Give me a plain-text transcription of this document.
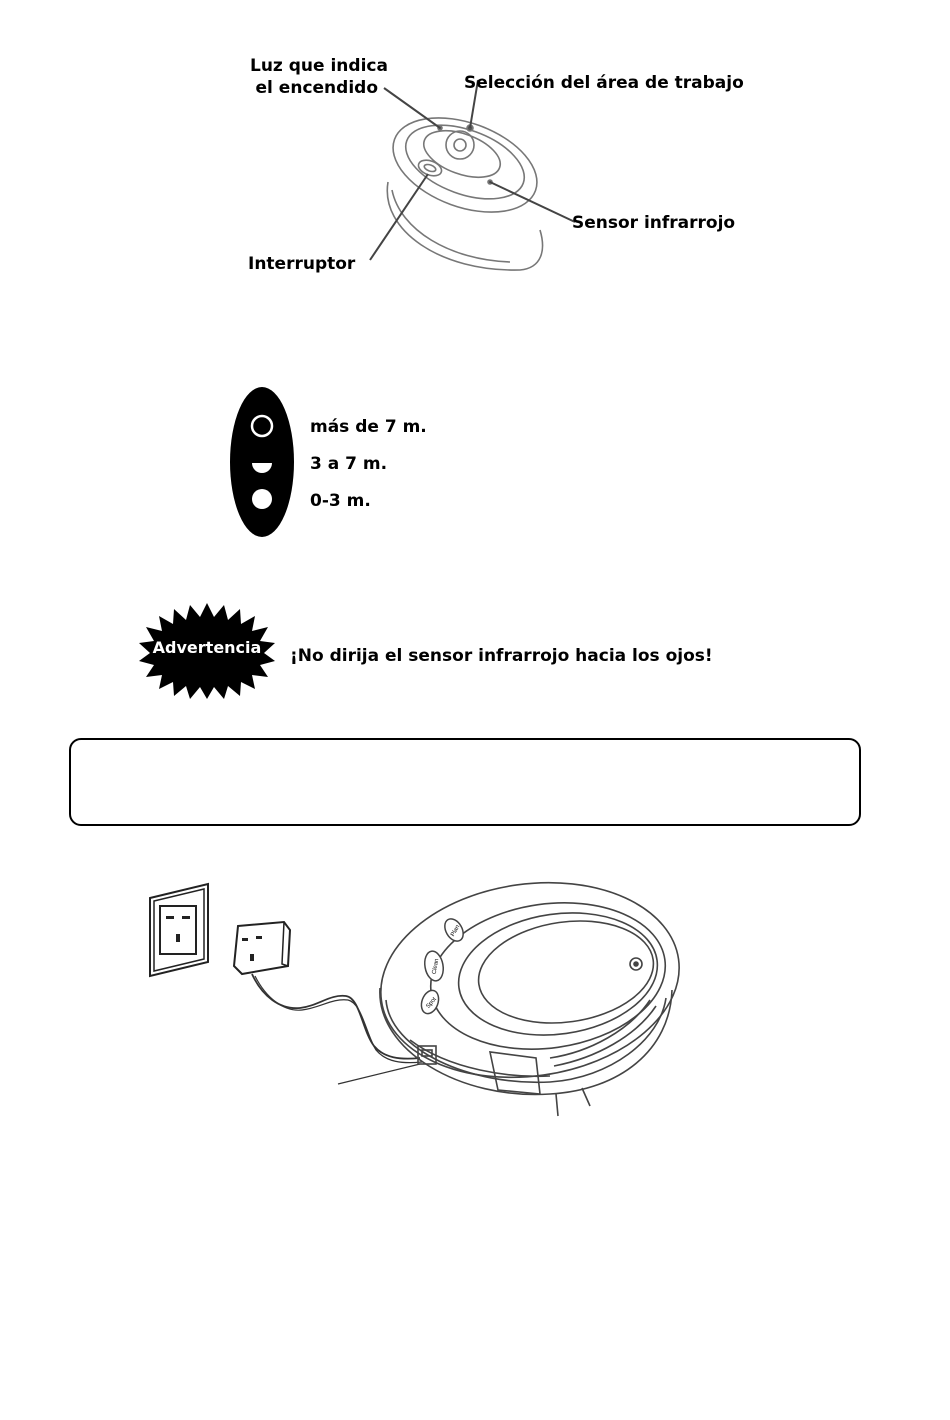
Luz que indica
el encendido	Selección del área de trabajo
Sensor infrarrojo
Interruptor
más de 7 m.
3 a 7 m.
0-3 m.
Advertencia	¡No dirija el sensor infrarrojo hacia los ojos!
Plan
Clean
Spot
